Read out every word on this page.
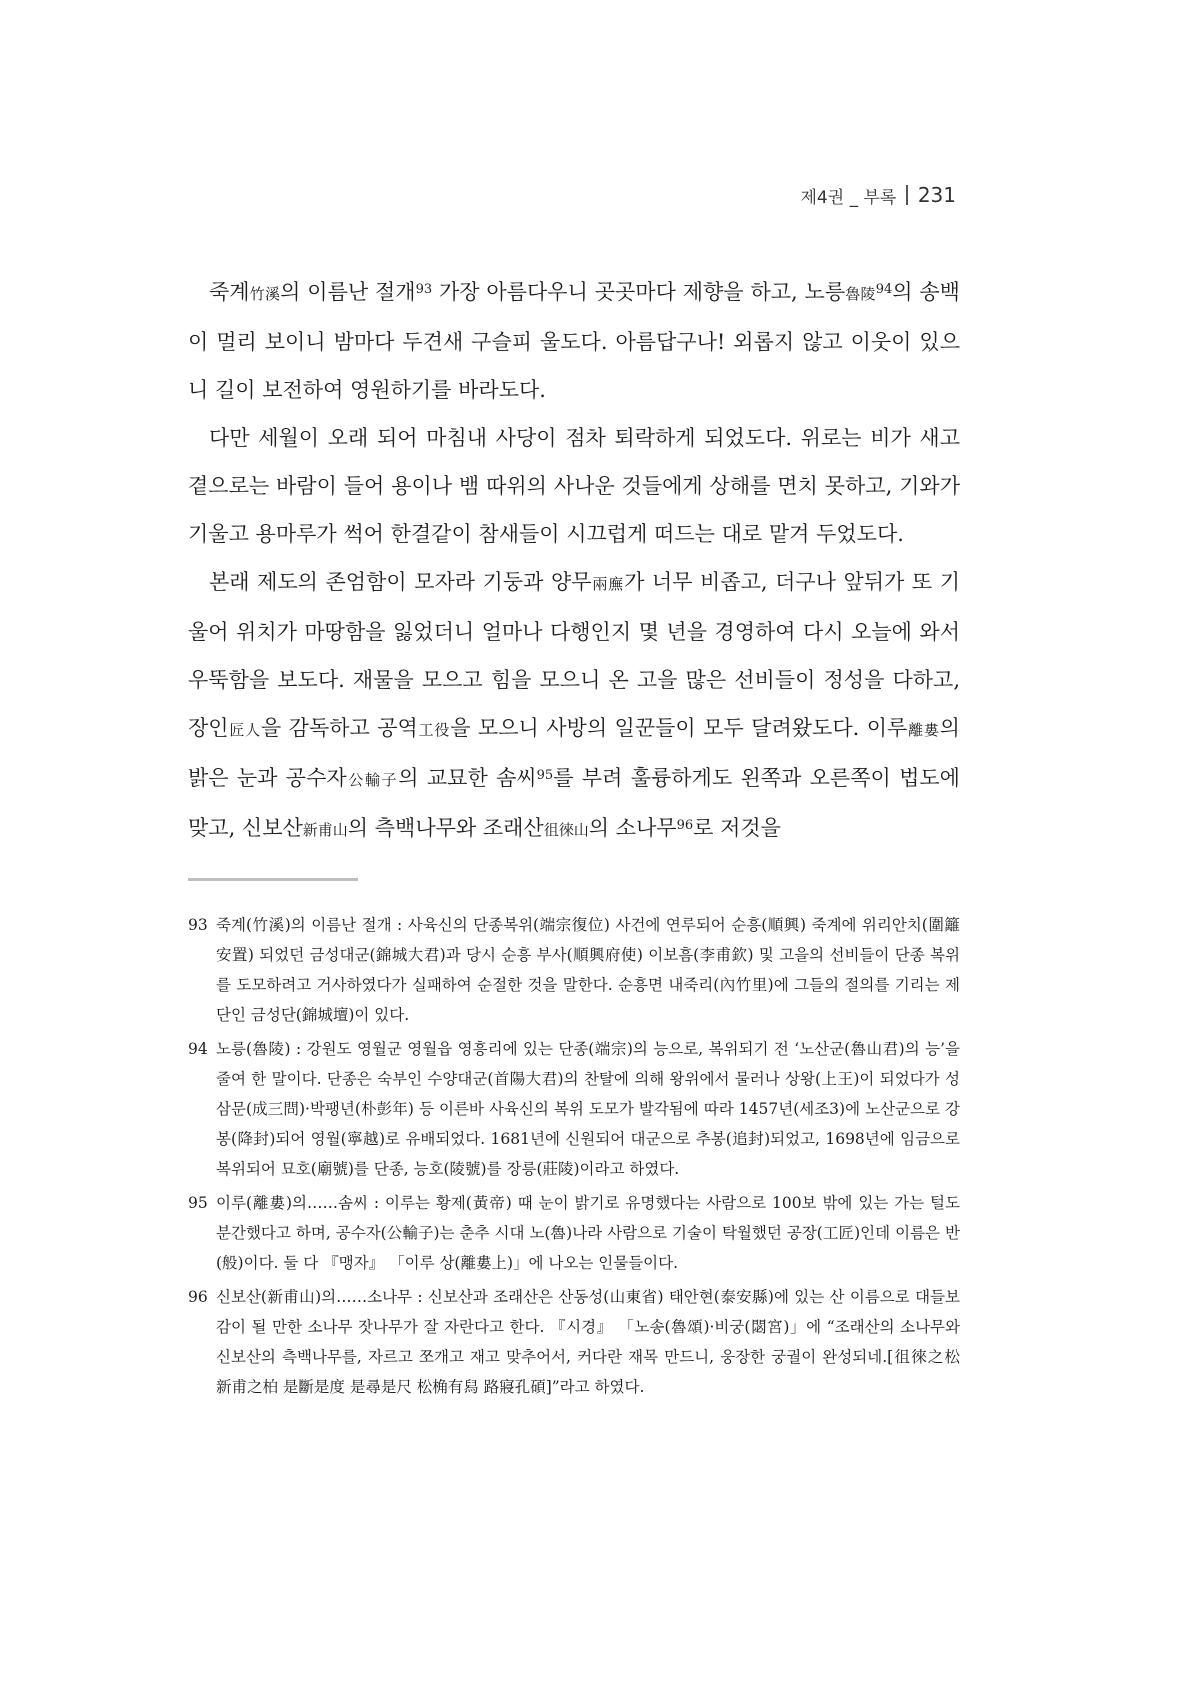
제4권 _ 부록 231

죽계竹溪의 이름난 절개$^{93}$ 가장 아름다우니 곳곳마다 제향을 하고, 노릉魯陵$^{94}$의 송백이 멀리 보이니 밤마다 두견새 구슬피 울도다. 아름답구나! 외롭지 않고 이웃이 있으니 길이 보전하여 영원하기를 바라도다.

다만 세월이 오래 되어 마침내 사당이 점차 퇴락하게 되었도다. 위로는 비가 새고 곁으로는 바람이 들어 용이나 뱀 따위의 사나운 것들에게 상해를 면치 못하고, 기와가 기울고 용마루가 썩어 한결같이 참새들이 시끄럽게 떠드는 대로 맡겨 두었도다.

본래 제도의 존엄함이 모자라 기둥과 양무兩廡가 너무 비좁고, 더구나 앞뒤가 또 기울어 위치가 마땅함을 잃었더니 얼마나 다행인지 몇 년을 경영하여 다시 오늘에 와서 우뚝함을 보도다. 재물을 모으고 힘을 모으니 온 고을 많은 선비들이 정성을 다하고, 장인匠人을 감독하고 공역工役을 모으니 사방의 일꾼들이 모두 달려왔도다. 이루離婁의 밝은 눈과 공수자公輸子의 교묘한 솜씨$^{95}$를 부려 훌륭하게도 왼쪽과 오른쪽이 법도에 맞고, 신보산新甫山의 측백나무와 조래산徂徠山의 소나무$^{96}$로 저것을

93 죽계(竹溪)의 이름난 절개 : 사육신의 단종복위(端宗復位) 사건에 연루되어 순흥(順興) 죽계에 위리안치(圍籬安置) 되었던 금성대군(錦城大君)과 당시 순흥 부사(順興府使) 이보흠(李甫欽) 및 고을의 선비들이 단종 복위를 도모하려고 거사하였다가 실패하여 순절한 것을 말한다. 순흥면 내죽리(內竹里)에 그들의 절의를 기리는 제단인 금성단(錦城壇)이 있다.
94 노릉(魯陵) : 강원도 영월군 영월읍 영흥리에 있는 단종(端宗)의 능으로, 복위되기 전 ‘노산군(魯山君)의 능’을 줄여 한 말이다. 단종은 숙부인 수양대군(首陽大君)의 찬탈에 의해 왕위에서 물러나 상왕(上王)이 되었다가 성삼문(成三問)·박팽년(朴彭年) 등 이른바 사육신의 복위 도모가 발각됨에 따라 1457년(세조3)에 노산군으로 강봉(降封)되어 영월(寧越)로 유배되었다. 1681년에 신원되어 대군으로 추봉(追封)되었고, 1698년에 임금으로 복위되어 묘호(廟號)를 단종, 능호(陵號)를 장릉(莊陵)이라고 하였다.
95 이루(離婁)의……솜씨 : 이루는 황제(黃帝) 때 눈이 밝기로 유명했다는 사람으로 100보 밖에 있는 가는 털도 분간했다고 하며, 공수자(公輸子)는 춘추 시대 노(魯)나라 사람으로 기술이 탁월했던 공장(工匠)인데 이름은 반(般)이다. 둘 다 『맹자』 「이루 상(離婁上)」에 나오는 인물들이다.
96 신보산(新甫山)의……소나무 : 신보산과 조래산은 산동성(山東省) 태안현(泰安縣)에 있는 산 이름으로 대들보감이 될 만한 소나무 잣나무가 잘 자란다고 한다. 『시경』 「노송(魯頌)·비궁(閟宮)」에 “조래산의 소나무와 신보산의 측백나무를, 자르고 쪼개고 재고 맞추어서, 커다란 재목 만드니, 웅장한 궁궐이 완성되네.[徂徠之松 新甫之柏 是斷是度 是尋是尺 松桷有舄 路寢孔碩]”라고 하였다.
